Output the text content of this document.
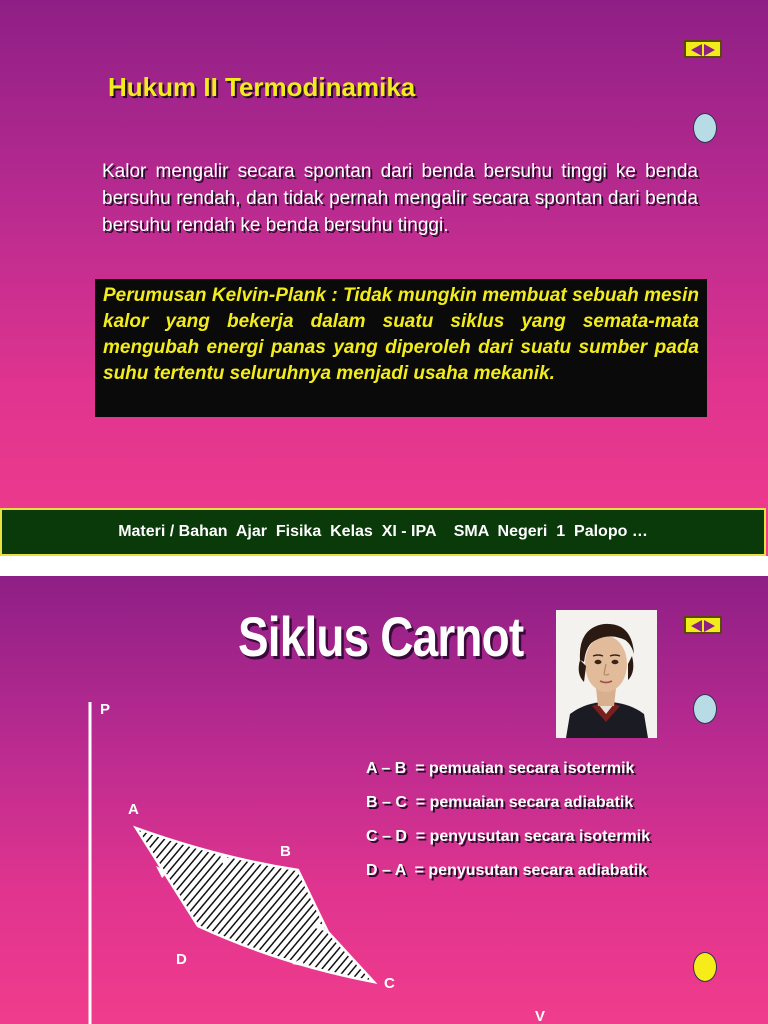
Hukum II Termodinamika

Kalor mengalir secara spontan dari benda bersuhu tinggi ke benda bersuhu rendah, dan tidak pernah mengalir secara spontan dari benda bersuhu rendah ke benda bersuhu tinggi.

Perumusan Kelvin-Plank : Tidak mungkin membuat sebuah mesin kalor yang bekerja dalam suatu siklus yang semata-mata mengubah energi panas yang diperoleh dari suatu sumber pada suhu tertentu seluruhnya menjadi usaha mekanik.

Materi / Bahan  Ajar  Fisika  Kelas  XI - IPA    SMA  Negeri  1  Palopo …
Siklus Carnot
A – B  = pemuaian secara isotermik
B – C  = pemuaian secara adiabatik
C – D  = penyusutan secara isotermik
D – A  = penyusutan secara adiabatik
P
V
A
B
C
D
